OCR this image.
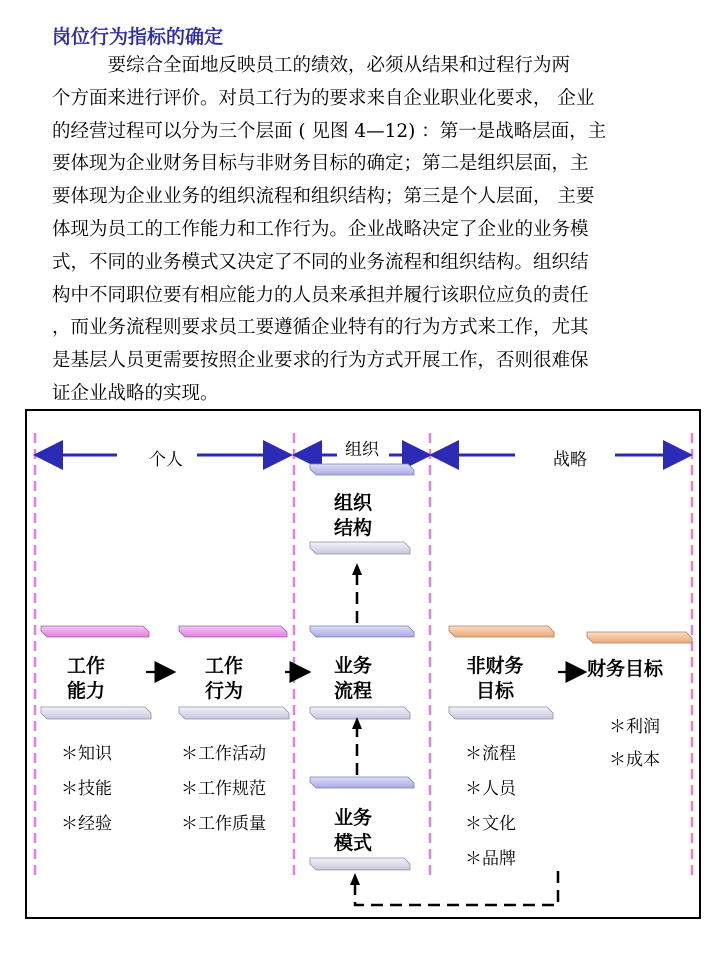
岗位行为指标的确定

　　　要综合全面地反映员工的绩效，必须从结果和过程行为两
个方面来进行评价。对员工行为的要求来自企业职业化要求， 企业
的经营过程可以分为三个层面 ( 见图 4—12) ：第一是战略层面，主
要体现为企业财务目标与非财务目标的确定；第二是组织层面，主
要体现为企业业务的组织流程和组织结构；第三是个人层面， 主要
体现为员工的工作能力和工作行为。企业战略决定了企业的业务模
式，不同的业务模式又决定了不同的业务流程和组织结构。组织结
构中不同职位要有相应能力的人员来承担并履行该职位应负的责任
，而业务流程则要求员工要遵循企业特有的行为方式来工作，尤其
是基层人员更需要按照企业要求的行为方式开展工作，否则很难保
证企业战略的实现。

个人	组织	战略
组织
结构
工作
能力
工作
行为
业务
流程
非财务
目标
财务目标
业务
模式
＊知识
＊技能
＊经验
＊工作活动
＊工作规范
＊工作质量
＊流程
＊人员
＊文化
＊品牌
＊利润
＊成本
